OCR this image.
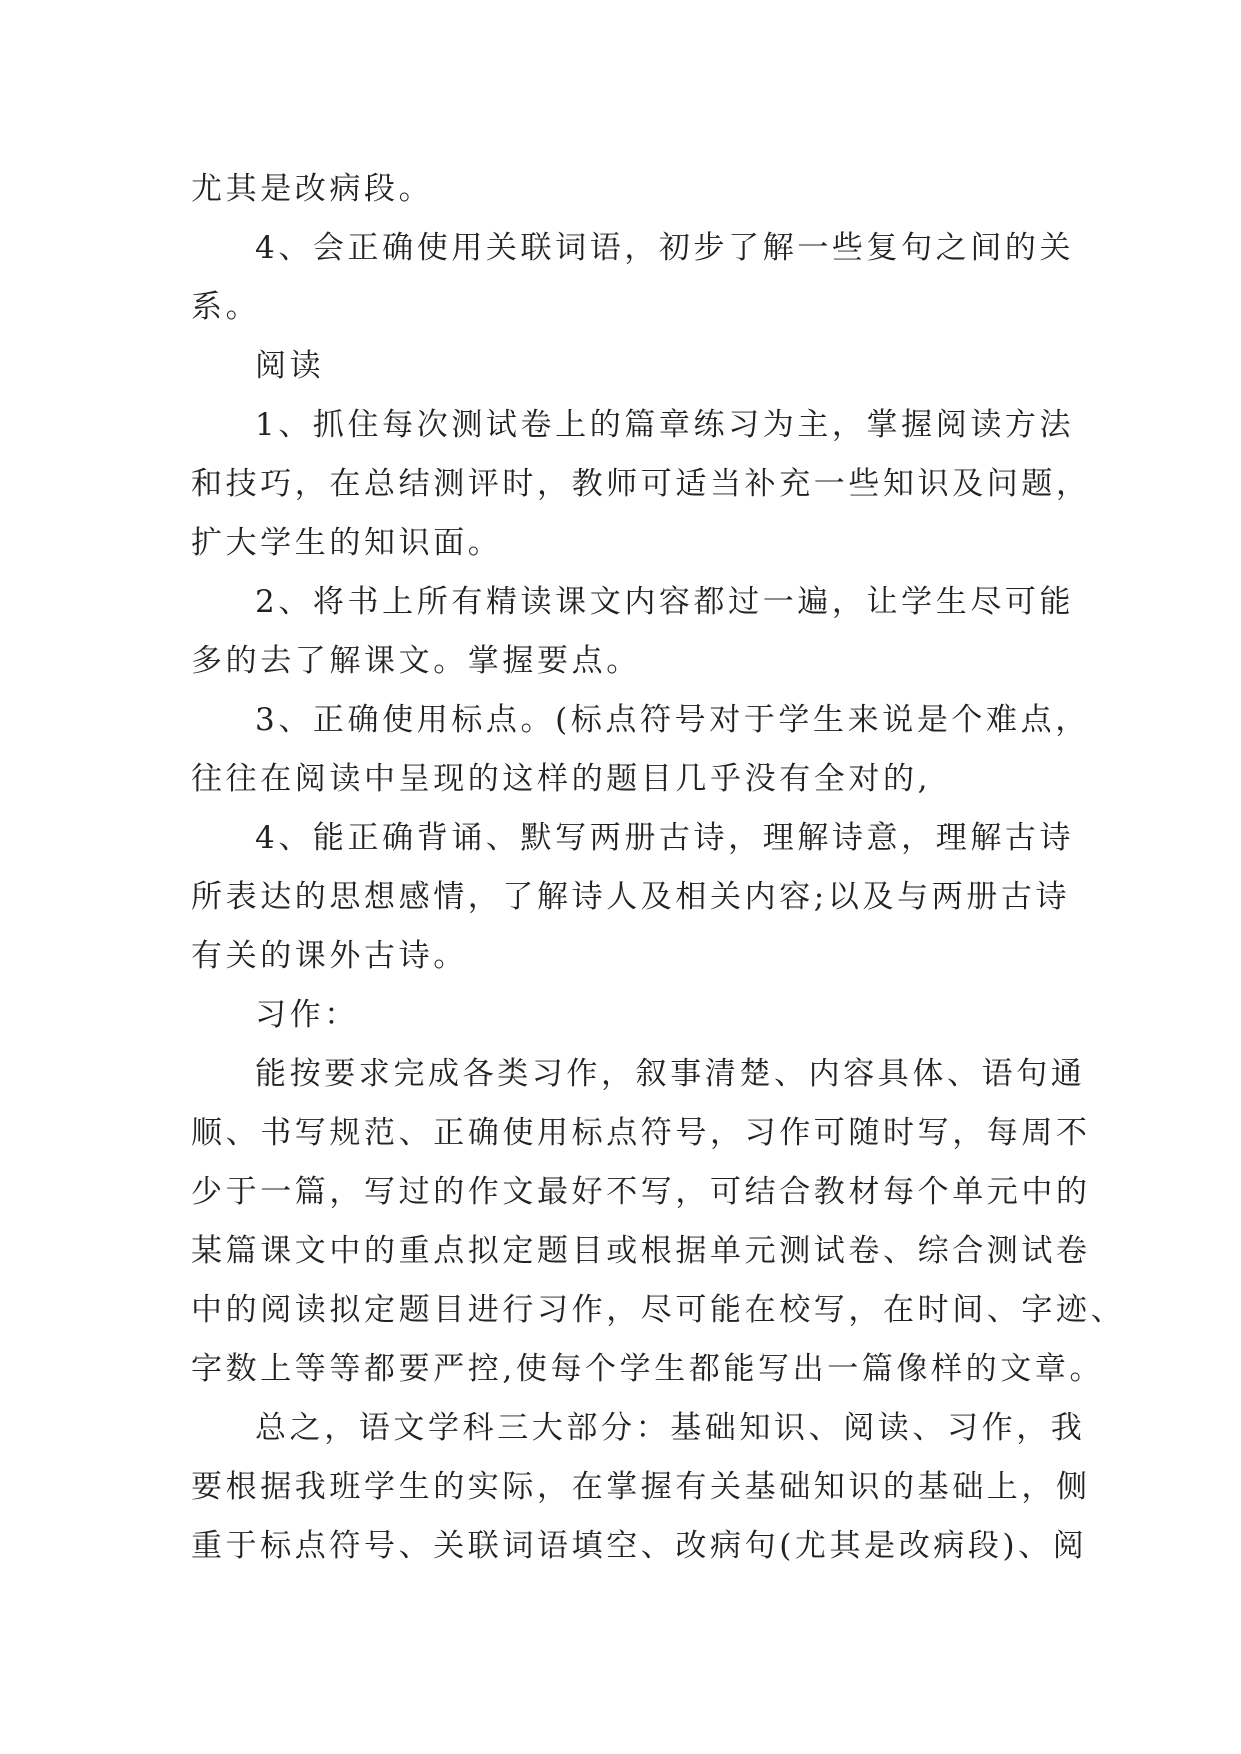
尤其是改病段。
4、会正确使用关联词语，初步了解一些复句之间的关
系。
阅读
1、抓住每次测试卷上的篇章练习为主，掌握阅读方法
和技巧，在总结测评时，教师可适当补充一些知识及问题，
扩大学生的知识面。
2、将书上所有精读课文内容都过一遍，让学生尽可能
多的去了解课文。掌握要点。
3、正确使用标点。(标点符号对于学生来说是个难点，
往往在阅读中呈现的这样的题目几乎没有全对的,
4、能正确背诵、默写两册古诗，理解诗意，理解古诗
所表达的思想感情，了解诗人及相关内容;以及与两册古诗
有关的课外古诗。
习作：
能按要求完成各类习作，叙事清楚、内容具体、语句通
顺、书写规范、正确使用标点符号，习作可随时写，每周不
少于一篇，写过的作文最好不写，可结合教材每个单元中的
某篇课文中的重点拟定题目或根据单元测试卷、综合测试卷
中的阅读拟定题目进行习作，尽可能在校写，在时间、字迹、
字数上等等都要严控,使每个学生都能写出一篇像样的文章。
总之，语文学科三大部分：基础知识、阅读、习作，我
要根据我班学生的实际，在掌握有关基础知识的基础上，侧
重于标点符号、关联词语填空、改病句(尤其是改病段)、阅
